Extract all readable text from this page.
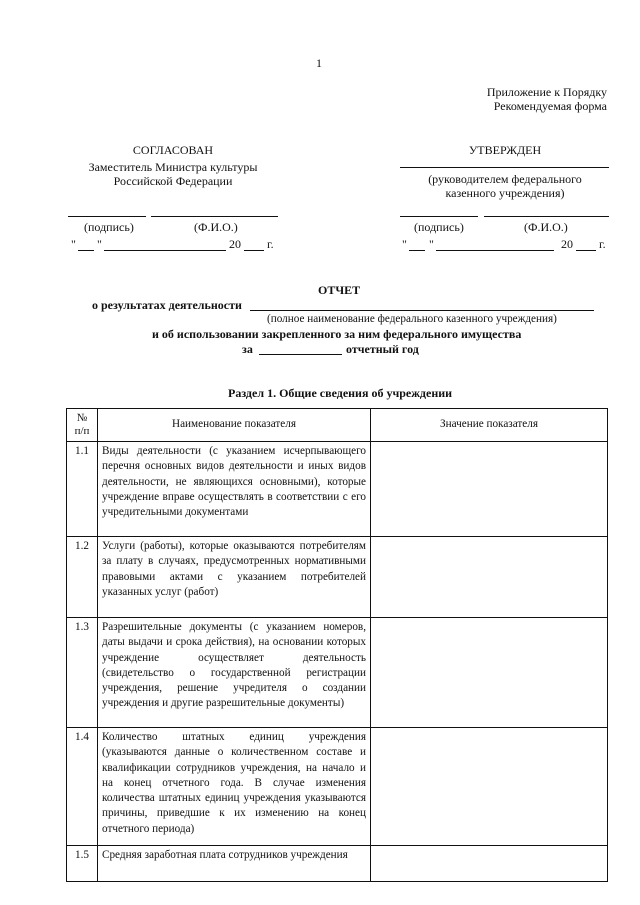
1
Приложение к Порядку
Рекомендуемая форма
СОГЛАСОВАН
Заместитель Министра культуры
Российской Федерации
(подпись)	(Ф.И.О.)
" "	20 г.
УТВЕРЖДЕН
(руководителем федерального
казенного учреждения)
(подпись)	(Ф.И.О.)
" "	20 г.
ОТЧЕТ
о результатах деятельности
(полное наименование федерального казенного учреждения)
и об использовании закрепленного за ним федерального имущества
за	отчетный год
Раздел 1. Общие сведения об учреждении
№ п/п	Наименование показателя	Значение показателя
1.1	Виды деятельности (с указанием исчерпывающего перечня основных видов деятельности и иных видов деятельности, не являющихся основными), которые учреждение вправе осуществлять в соответствии с его учредительными документами	
1.2	Услуги (работы), которые оказываются потребителям за плату в случаях, предусмотренных нормативными правовыми актами с указанием потребителей указанных услуг (работ)	
1.3	Разрешительные документы (с указанием номеров, даты выдачи и срока действия), на основании которых учреждение осуществляет деятельность (свидетельство о государственной регистрации учреждения, решение учредителя о создании учреждения и другие разрешительные документы)	
1.4	Количество штатных единиц учреждения (указываются данные о количественном составе и квалификации сотрудников учреждения, на начало и на конец отчетного года. В случае изменения количества штатных единиц учреждения указываются причины, приведшие к их изменению на конец отчетного периода)	
1.5	Средняя заработная плата сотрудников учреждения	
